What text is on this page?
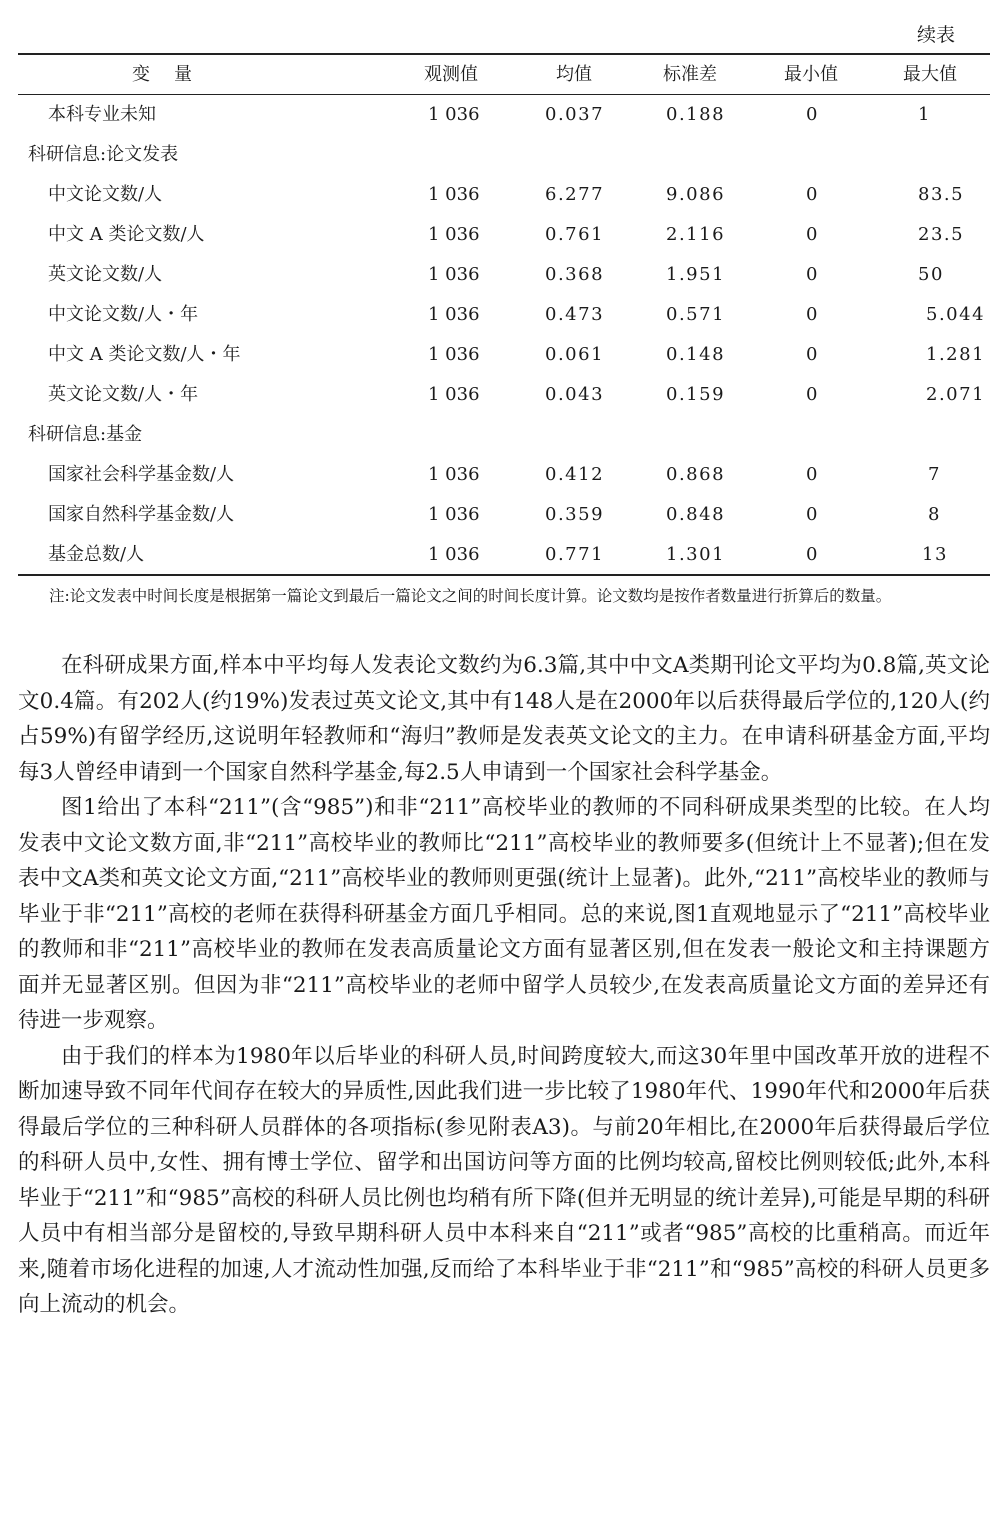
续表
变量	观测值	均值	标准差	最小值	最大值
本科专业未知	1 036	0.037	0.188	0	1
科研信息:论文发表
中文论文数/人	1 036	6.277	9.086	0	83.5
中文 A 类论文数/人	1 036	0.761	2.116	0	23.5
英文论文数/人	1 036	0.368	1.951	0	50
中文论文数/人・年	1 036	0.473	0.571	0	5.044
中文 A 类论文数/人・年	1 036	0.061	0.148	0	1.281
英文论文数/人・年	1 036	0.043	0.159	0	2.071
科研信息:基金
国家社会科学基金数/人	1 036	0.412	0.868	0	7
国家自然科学基金数/人	1 036	0.359	0.848	0	8
基金总数/人	1 036	0.771	1.301	0	13
注:论文发表中时间长度是根据第一篇论文到最后一篇论文之间的时间长度计算。论文数均是按作者数量进行折算后的数量。

在科研成果方面,样本中平均每人发表论文数约为6.3篇,其中中文A类期刊论文平均为0.8篇,英文论文0.4篇。有202人(约19%)发表过英文论文,其中有148人是在2000年以后获得最后学位的,120人(约占59%)有留学经历,这说明年轻教师和“海归”教师是发表英文论文的主力。在申请科研基金方面,平均每3人曾经申请到一个国家自然科学基金,每2.5人申请到一个国家社会科学基金。

图1给出了本科“211”(含“985”)和非“211”高校毕业的教师的不同科研成果类型的比较。在人均发表中文论文数方面,非“211”高校毕业的教师比“211”高校毕业的教师要多(但统计上不显著);但在发表中文A类和英文论文方面,“211”高校毕业的教师则更强(统计上显著)。此外,“211”高校毕业的教师与毕业于非“211”高校的老师在获得科研基金方面几乎相同。总的来说,图1直观地显示了“211”高校毕业的教师和非“211”高校毕业的教师在发表高质量论文方面有显著区别,但在发表一般论文和主持课题方面并无显著区别。但因为非“211”高校毕业的老师中留学人员较少,在发表高质量论文方面的差异还有待进一步观察。

由于我们的样本为1980年以后毕业的科研人员,时间跨度较大,而这30年里中国改革开放的进程不断加速导致不同年代间存在较大的异质性,因此我们进一步比较了1980年代、1990年代和2000年后获得最后学位的三种科研人员群体的各项指标(参见附表A3)。与前20年相比,在2000年后获得最后学位的科研人员中,女性、拥有博士学位、留学和出国访问等方面的比例均较高,留校比例则较低;此外,本科毕业于“211”和“985”高校的科研人员比例也均稍有所下降(但并无明显的统计差异),可能是早期的科研人员中有相当部分是留校的,导致早期科研人员中本科来自“211”或者“985”高校的比重稍高。而近年来,随着市场化进程的加速,人才流动性加强,反而给了本科毕业于非“211”和“985”高校的科研人员更多向上流动的机会。
